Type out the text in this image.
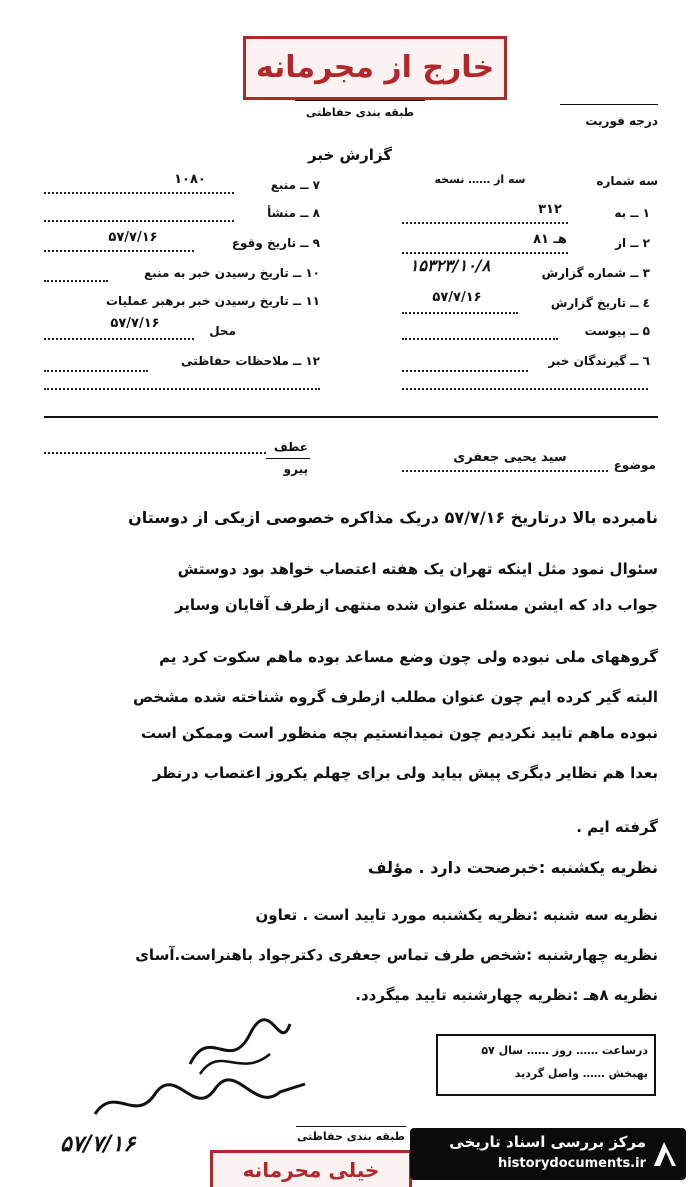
خارج از مجرمانه
طبقه بندی حفاظتی
درجه فوریت
گزارش خبر
سه شماره
سه از …… نسخه
۱ ــ به
۳۱۲
۲ ــ از
۸هـ ۱
۳ ــ شماره گزارش
۱۵۳۲۳/۱۰/۸
٤ ــ تاریخ گزارش
۵۷/۷/۱۶
۵ ــ پیوست
٦ ــ گیرندگان خبر
۷ ــ منبع
۱۰۸۰
۸ ــ منشأ
۹ ــ تاریخ وقوع
۵۷/۷/۱۶
۱۰ ــ تاریخ رسیدن خبر به منبع
۱۱ ــ تاریخ رسیدن خبر برهبر عملیات
محل
۵۷/۷/۱۶
۱۲ ــ ملاحظات حفاظتی
موضوع
سید یحیی جعفری
عطف
پیرو
نامبرده بالا درتاریخ ۵۷/۷/۱۶ دریک مذاکره خصوصی ازیکی از دوستان
سئوال نمود مثل اینکه تهران یک هفته اعتصاب خواهد بود دوستش
جواب داد که ایشن مسئله عنوان شده منتهی ازطرف آقایان وسایر
گروههای ملی نبوده ولی چون وضع مساعد بوده ماهم سکوت کرد یم
البته گیر کرده ایم چون عنوان مطلب ازطرف گروه شناخته شده مشخص
نبوده ماهم تایید نکردیم چون نمیدانستیم بچه منظور است وممکن است
بعدا هم نظایر دیگری پیش بیاید ولی برای چهلم یکروز اعتصاب درنظر
گرفته ایم .
نظریه یکشنبه :خبرصحت دارد . مؤلف
نظریه سه شنبه :نظریه یکشنبه مورد تایید است . تعاون
نظریه چهارشنبه :شخص طرف تماس جعفری دکترجواد باهنراست.آسای
نظریه ۸هـ :نظریه چهارشنبه تایید میگردد.
درساعت …… روز …… سال ۵۷
بهبخش …… واصل گردید
۵۷/۷/۱۶	طبقه بندی حفاظتی
خیلی محرمانه
مرکز بررسی اسناد تاریخی
historydocuments.ir
